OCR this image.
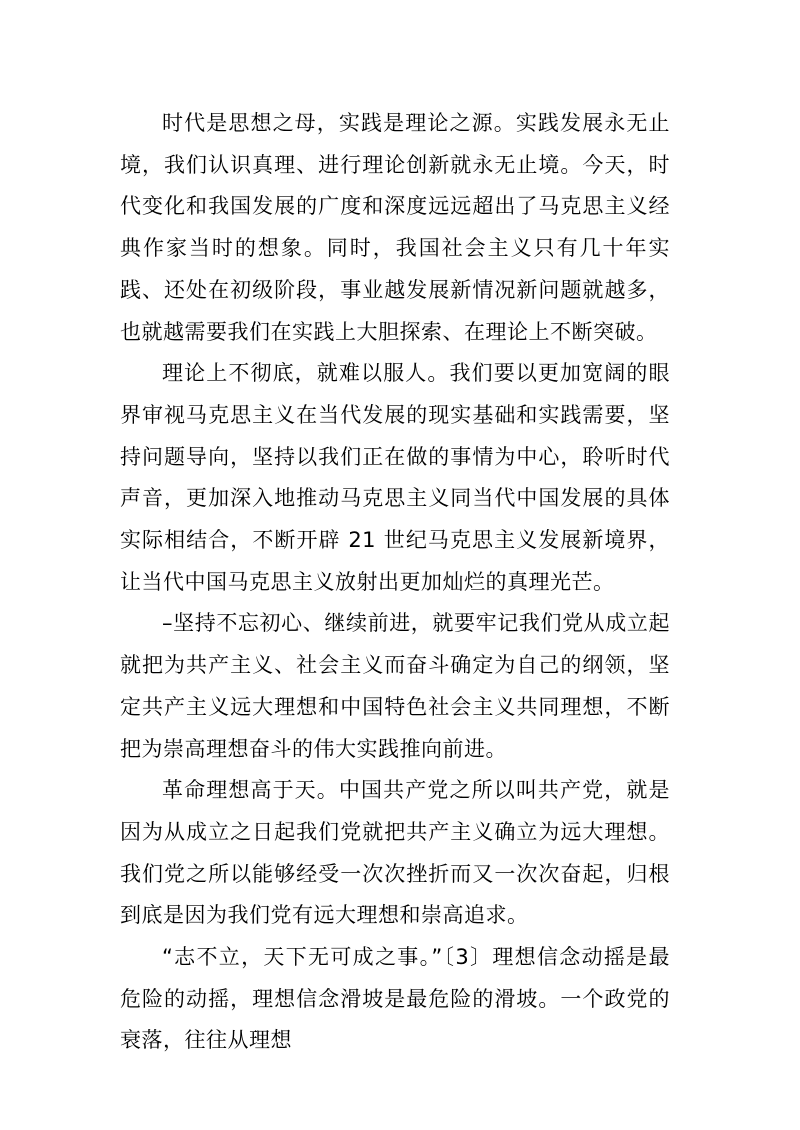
时代是思想之母，实践是理论之源。实践发展永无止境，我们认识真理、进行理论创新就永无止境。今天，时代变化和我国发展的广度和深度远远超出了马克思主义经典作家当时的想象。同时，我国社会主义只有几十年实践、还处在初级阶段，事业越发展新情况新问题就越多，也就越需要我们在实践上大胆探索、在理论上不断突破。

理论上不彻底，就难以服人。我们要以更加宽阔的眼界审视马克思主义在当代发展的现实基础和实践需要，坚持问题导向，坚持以我们正在做的事情为中心，聆听时代声音，更加深入地推动马克思主义同当代中国发展的具体实际相结合，不断开辟 21 世纪马克思主义发展新境界，让当代中国马克思主义放射出更加灿烂的真理光芒。

–坚持不忘初心、继续前进，就要牢记我们党从成立起就把为共产主义、社会主义而奋斗确定为自己的纲领，坚定共产主义远大理想和中国特色社会主义共同理想，不断把为崇高理想奋斗的伟大实践推向前进。

革命理想高于天。中国共产党之所以叫共产党，就是因为从成立之日起我们党就把共产主义确立为远大理想。我们党之所以能够经受一次次挫折而又一次次奋起，归根到底是因为我们党有远大理想和崇高追求。

“志不立，天下无可成之事。”〔3〕理想信念动摇是最危险的动摇，理想信念滑坡是最危险的滑坡。一个政党的衰落，往往从理想
